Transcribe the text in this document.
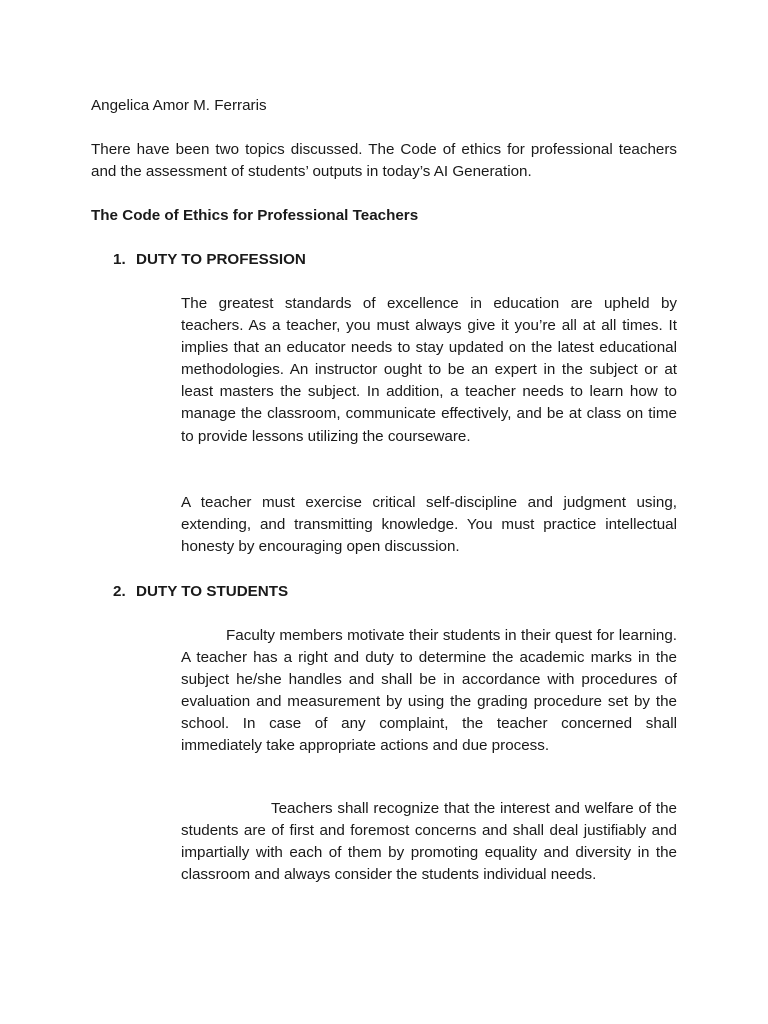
Angelica Amor M. Ferraris
There have been two topics discussed. The Code of ethics for professional teachers and the assessment of students’ outputs in today’s AI Generation.
The Code of Ethics for Professional Teachers
1. DUTY TO PROFESSION
The greatest standards of excellence in education are upheld by teachers. As a teacher, you must always give it you’re all at all times. It implies that an educator needs to stay updated on the latest educational methodologies. An instructor ought to be an expert in the subject or at least masters the subject. In addition, a teacher needs to learn how to manage the classroom, communicate effectively, and be at class on time to provide lessons utilizing the courseware.
A teacher must exercise critical self-discipline and judgment using, extending, and transmitting knowledge. You must practice intellectual honesty by encouraging open discussion.
2. DUTY TO STUDENTS
Faculty members motivate their students in their quest for learning. A teacher has a right and duty to determine the academic marks in the subject he/she handles and shall be in accordance with procedures of evaluation and measurement by using the grading procedure set by the school. In case of any complaint, the teacher concerned shall immediately take appropriate actions and due process.
Teachers shall recognize that the interest and welfare of the students are of first and foremost concerns and shall deal justifiably and impartially with each of them by promoting equality and diversity in the classroom and always consider the students individual needs.
